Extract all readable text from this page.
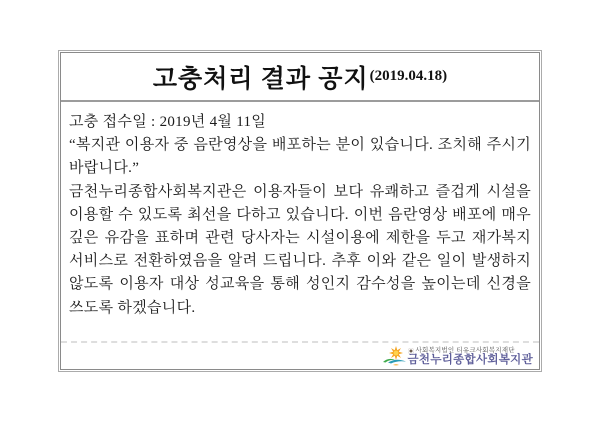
고충처리 결과 공지 (2019.04.18)

고충 접수일 : 2019년 4월 11일

“복지관 이용자 중 음란영상을 배포하는 분이 있습니다. 조치해 주시기 바랍니다.”

금천누리종합사회복지관은 이용자들이 보다 유쾌하고 즐겁게 시설을 이용할 수 있도록 최선을 다하고 있습니다. 이번 음란영상 배포에 매우 깊은 유감을 표하며 관련 당사자는 시설이용에 제한을 두고 재가복지 서비스로 전환하였음을 알려 드립니다. 추후 이와 같은 일이 발생하지 않도록 이용자 대상 성교육을 통해 성인지 감수성을 높이는데 신경을 쓰도록 하겠습니다.

사회복지법인 티유크사회복지재단
금천누리종합사회복지관
